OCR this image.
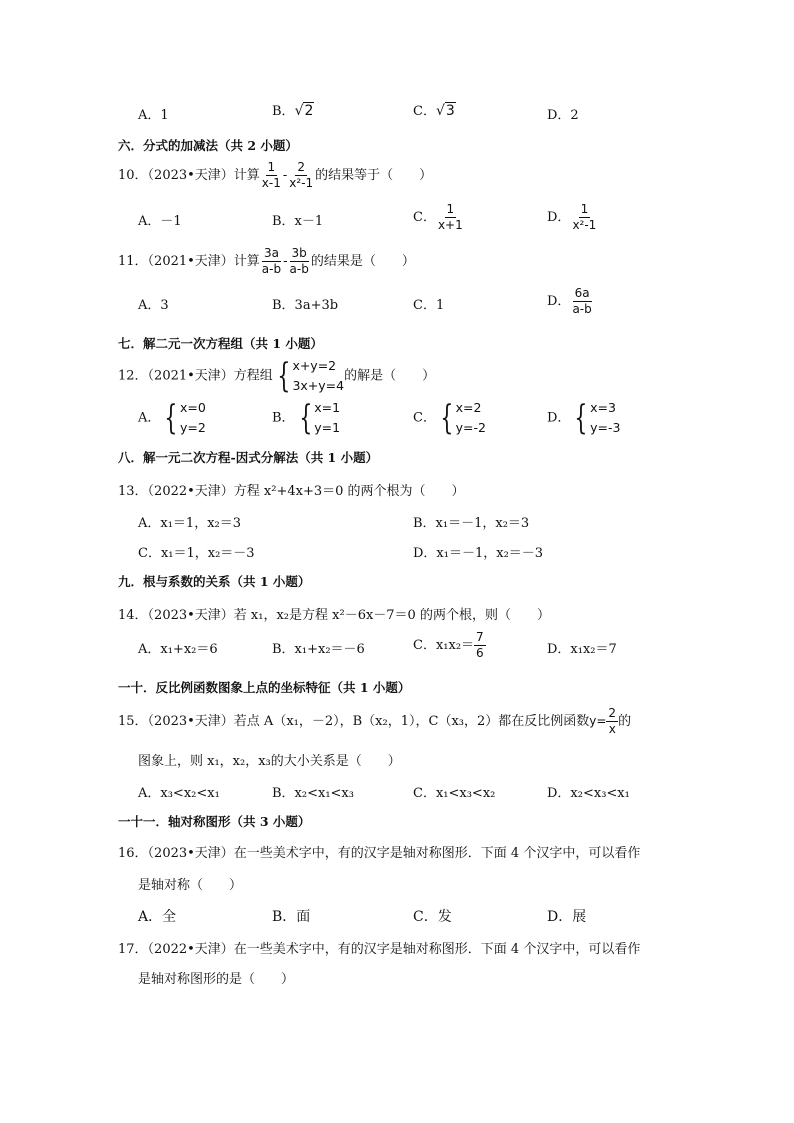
A．1	B．√2	C．√3	D．2
六．分式的加减法（共 2 小题）
10．（2023•天津）计算 $\frac{1}{x-1} - \frac{2}{\text{x²-1}}$ 的结果等于（　　）
A．－1	B．x－1	C． $\frac{1}{x+1}$	D． $\frac{1}{\text{x²-1}}$
11．（2021•天津）计算 $\frac{3a}{a-b} - \frac{3b}{a-b}$ 的结果是（　　）
A．3	B．3a+3b	C．1	D． $\frac{6a}{a-b}$
七．解二元一次方程组（共 1 小题）
12．（2021•天津）方程组 { x+y=2
3x+y=4
的解是（　　）
A． { x=0
y=2
B． { x=1
y=1
C． { x=2
y=-2
D． { x=3
y=-3
八．解一元二次方程-因式分解法（共 1 小题）
13．（2022•天津）方程 x²+4x+3＝0 的两个根为（　　）
A．x₁＝1，x₂＝3	B．x₁＝－1，x₂＝3
C．x₁＝1，x₂＝－3	D．x₁＝－1，x₂＝－3
九．根与系数的关系（共 1 小题）
14．（2023•天津）若 x₁，x₂是方程 x²－6x－7＝0 的两个根，则（　　）
A．x₁+x₂＝6	B．x₁+x₂＝－6	C．$x_1x_2= \frac{7}{6}$	D．x₁x₂＝7
一十．反比例函数图象上点的坐标特征（共 1 小题）
15．（2023•天津）若点 A（x₁，－2），B（x₂，1），C（x₃，2）都在反比例函数$y= \frac{2}{x}$ 的
图象上，则 x₁，x₂，x₃的大小关系是（　　）
A．x₃<x₂<x₁	B．x₂<x₁<x₃	C．x₁<x₃<x₂	D．x₂<x₃<x₁
一十一．轴对称图形（共 3 小题）
16．（2023•天津）在一些美术字中，有的汉字是轴对称图形．下面 4 个汉字中，可以看作
是轴对称（　　）
A．全	B．面	C．发	D．展
17．（2022•天津）在一些美术字中，有的汉字是轴对称图形．下面 4 个汉字中，可以看作
是轴对称图形的是（　　）
